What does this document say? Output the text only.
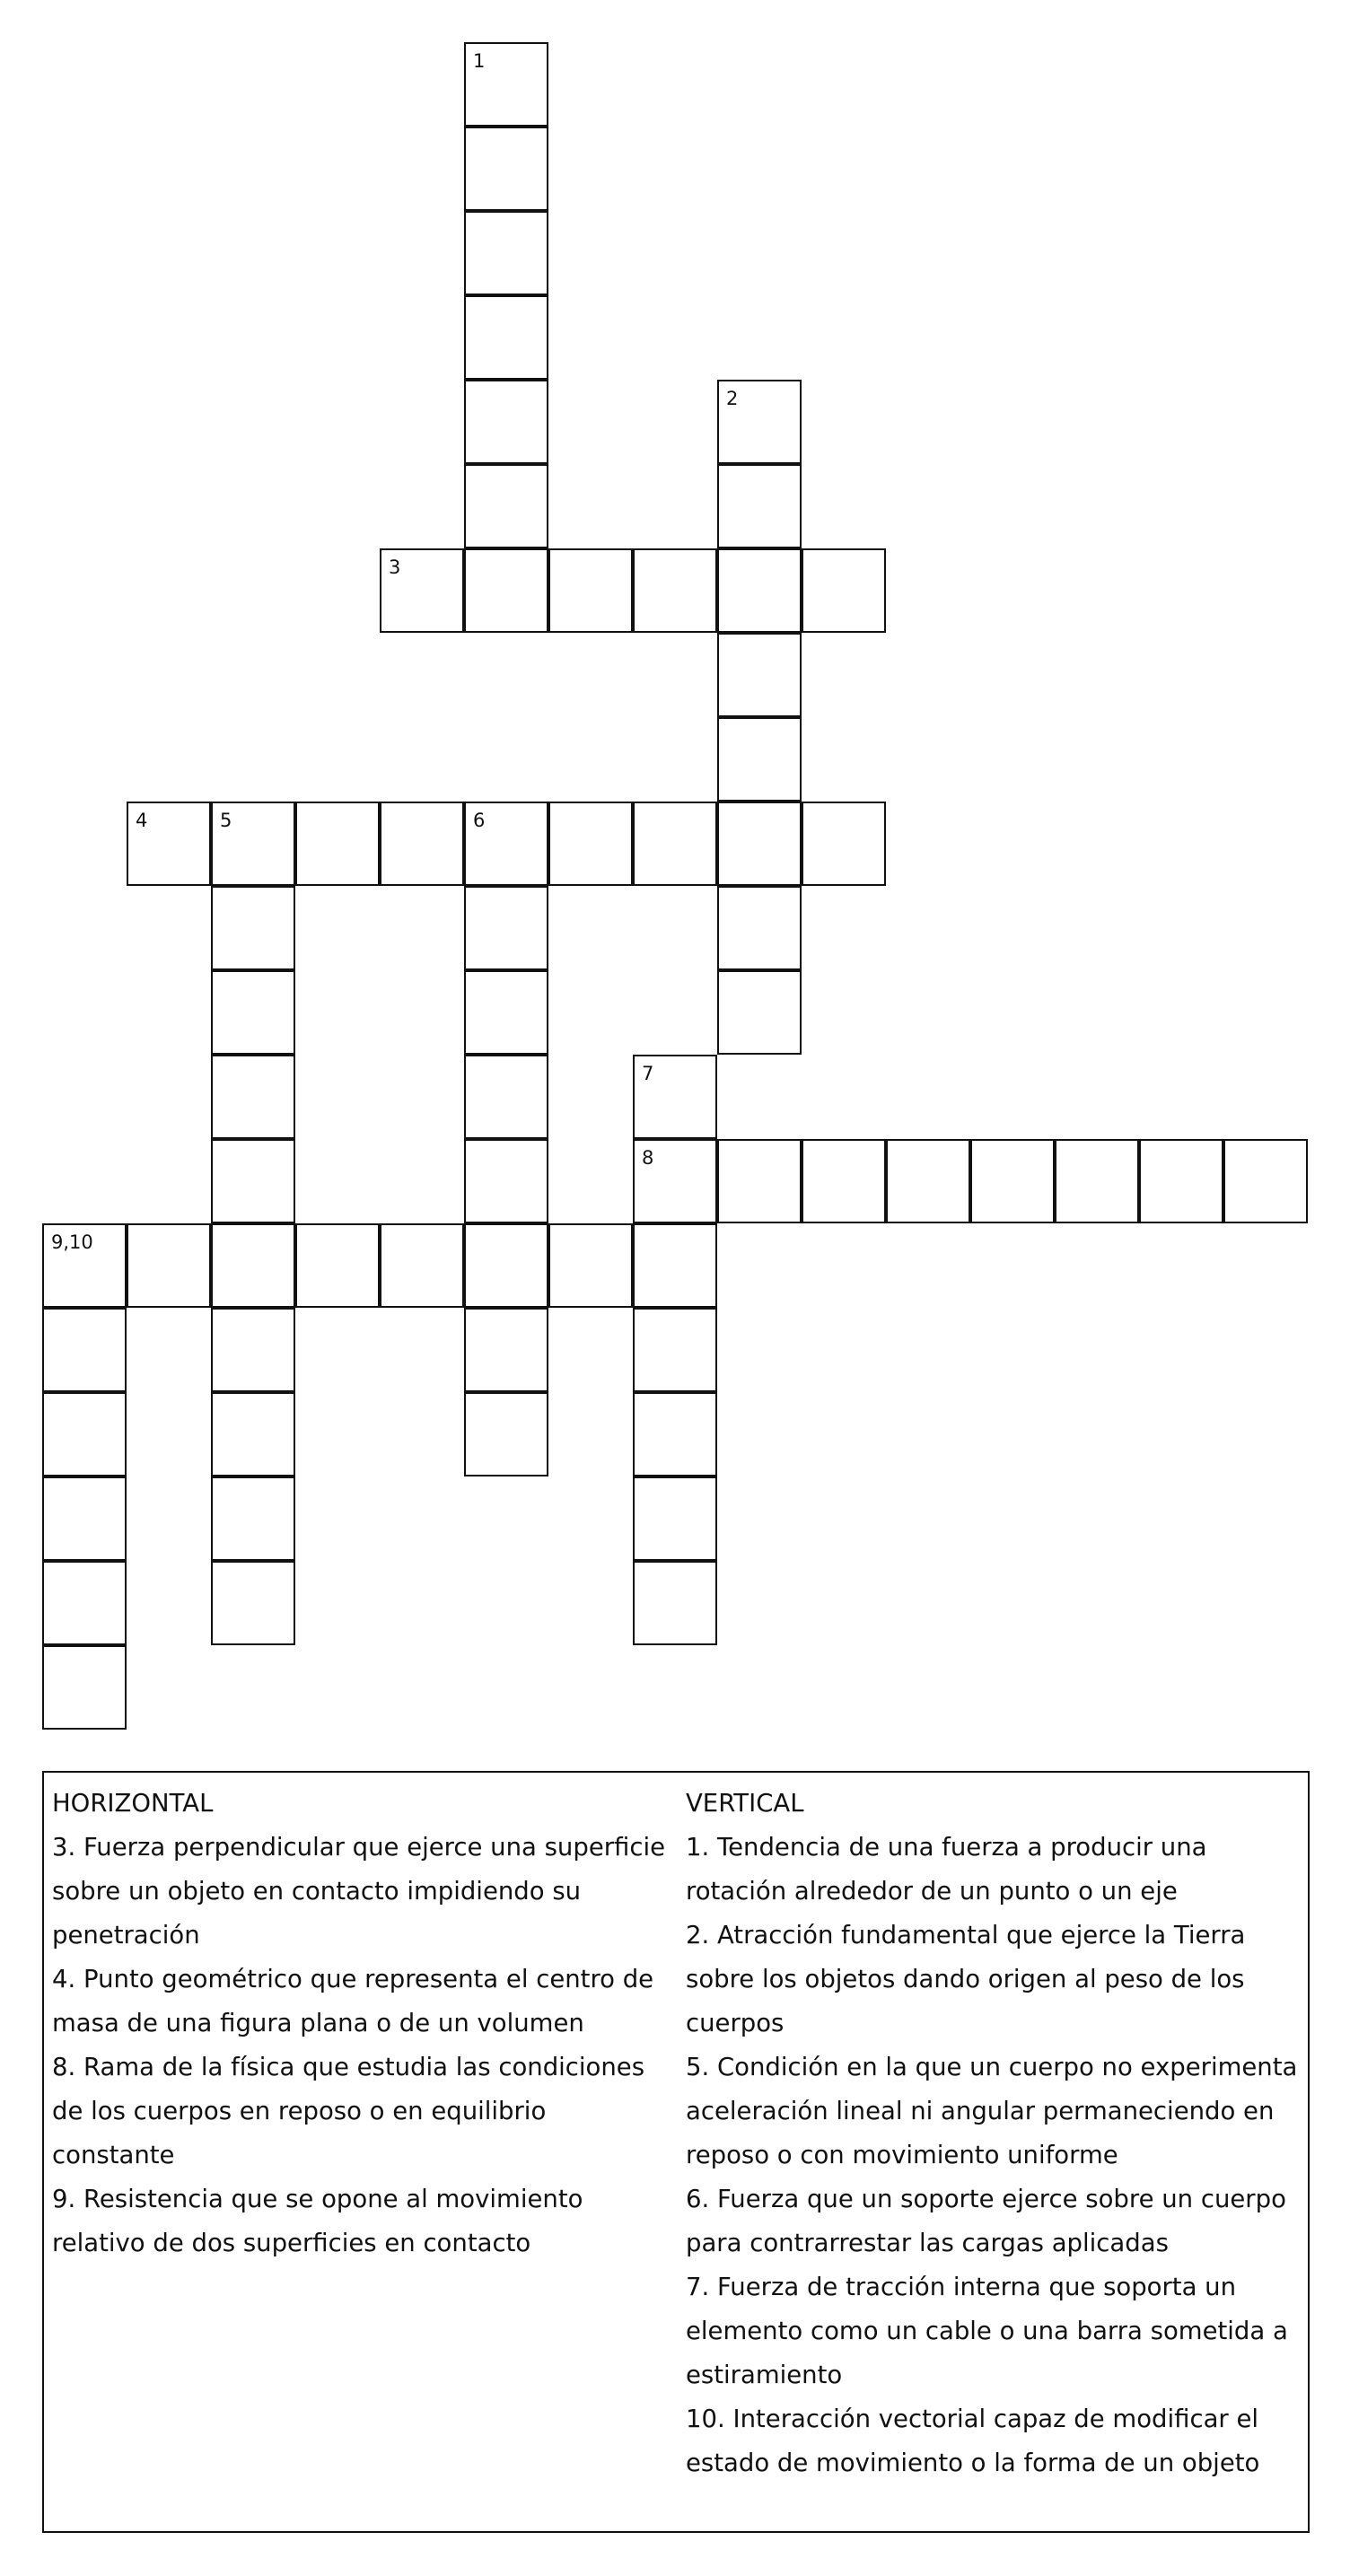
1
2
3
4	5	6
7
8
9,10
HORIZONTAL
3. Fuerza perpendicular que ejerce una superficie sobre un objeto en contacto impidiendo su penetración
4. Punto geométrico que representa el centro de masa de una figura plana o de un volumen
8. Rama de la física que estudia las condiciones de los cuerpos en reposo o en equilibrio constante
9. Resistencia que se opone al movimiento relativo de dos superficies en contacto
VERTICAL
1. Tendencia de una fuerza a producir una rotación alrededor de un punto o un eje
2. Atracción fundamental que ejerce la Tierra sobre los objetos dando origen al peso de los cuerpos
5. Condición en la que un cuerpo no experimenta aceleración lineal ni angular permaneciendo en reposo o con movimiento uniforme
6. Fuerza que un soporte ejerce sobre un cuerpo para contrarrestar las cargas aplicadas
7. Fuerza de tracción interna que soporta un elemento como un cable o una barra sometida a estiramiento
10. Interacción vectorial capaz de modificar el estado de movimiento o la forma de un objeto
